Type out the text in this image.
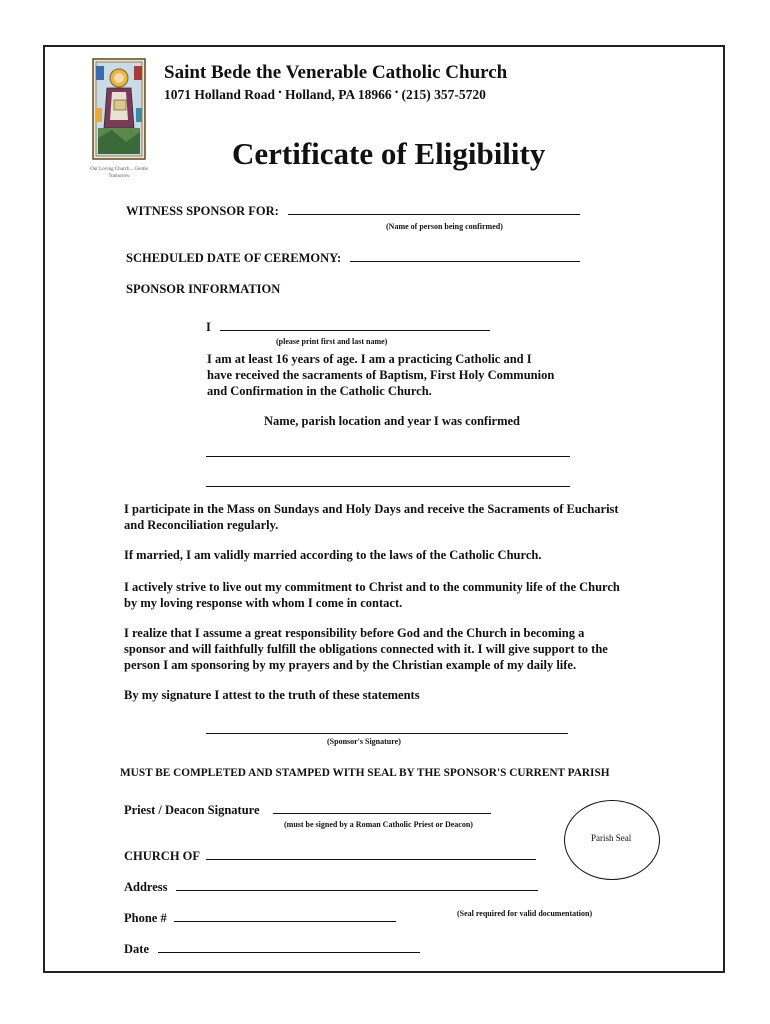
Our Loving Church... Gentle Tomorrow
Saint Bede the Venerable Catholic Church
1071 Holland Road • Holland, PA 18966 • (215) 357-5720
Certificate of Eligibility
WITNESS SPONSOR FOR:
(Name of person being confirmed)
SCHEDULED DATE OF CEREMONY:
SPONSOR INFORMATION
I
(please print first and last name)
I am at least 16 years of age. I am a practicing Catholic and I
have received the sacraments of Baptism, First Holy Communion
and Confirmation in the Catholic Church.
Name, parish location and year I was confirmed
I participate in the Mass on Sundays and Holy Days and receive the Sacraments of Eucharist
and Reconciliation regularly.
If married, I am validly married according to the laws of the Catholic Church.
I actively strive to live out my commitment to Christ and to the community life of the Church
by my loving response with whom I come in contact.
I realize that I assume a great responsibility before God and the Church in becoming a
sponsor and will faithfully fulfill the obligations connected with it. I will give support to the
person I am sponsoring by my prayers and by the Christian example of my daily life.
By my signature I attest to the truth of these statements
(Sponsor's Signature)
MUST BE COMPLETED AND STAMPED WITH SEAL BY THE SPONSOR'S CURRENT PARISH
Priest / Deacon Signature
(must be signed by a Roman Catholic Priest or Deacon)
CHURCH OF
Address
Phone #
Date
Parish Seal
(Seal required for valid documentation)
